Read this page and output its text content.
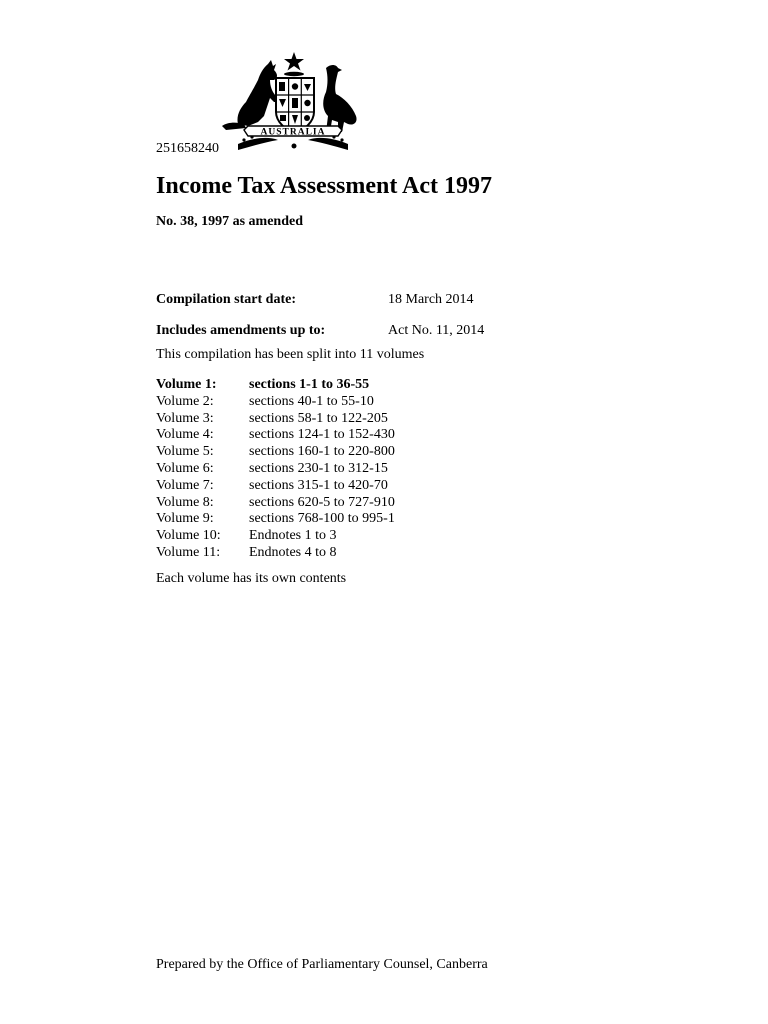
AUSTRALIA
251658240
Income Tax Assessment Act 1997
No. 38, 1997 as amended
Compilation start date:	18 March 2014
Includes amendments up to:	Act No. 11, 2014
This compilation has been split into 11 volumes
Volume 1: sections 1-1 to 36-55
Volume 2:	sections 40-1 to 55-10
Volume 3:	sections 58-1 to 122-205
Volume 4:	sections 124-1 to 152-430
Volume 5:	sections 160-1 to 220-800
Volume 6:	sections 230-1 to 312-15
Volume 7:	sections 315-1 to 420-70
Volume 8:	sections 620-5 to 727-910
Volume 9:	sections 768-100 to 995-1
Volume 10: Endnotes 1 to 3
Volume 11: Endnotes 4 to 8
Each volume has its own contents
Prepared by the Office of Parliamentary Counsel, Canberra
